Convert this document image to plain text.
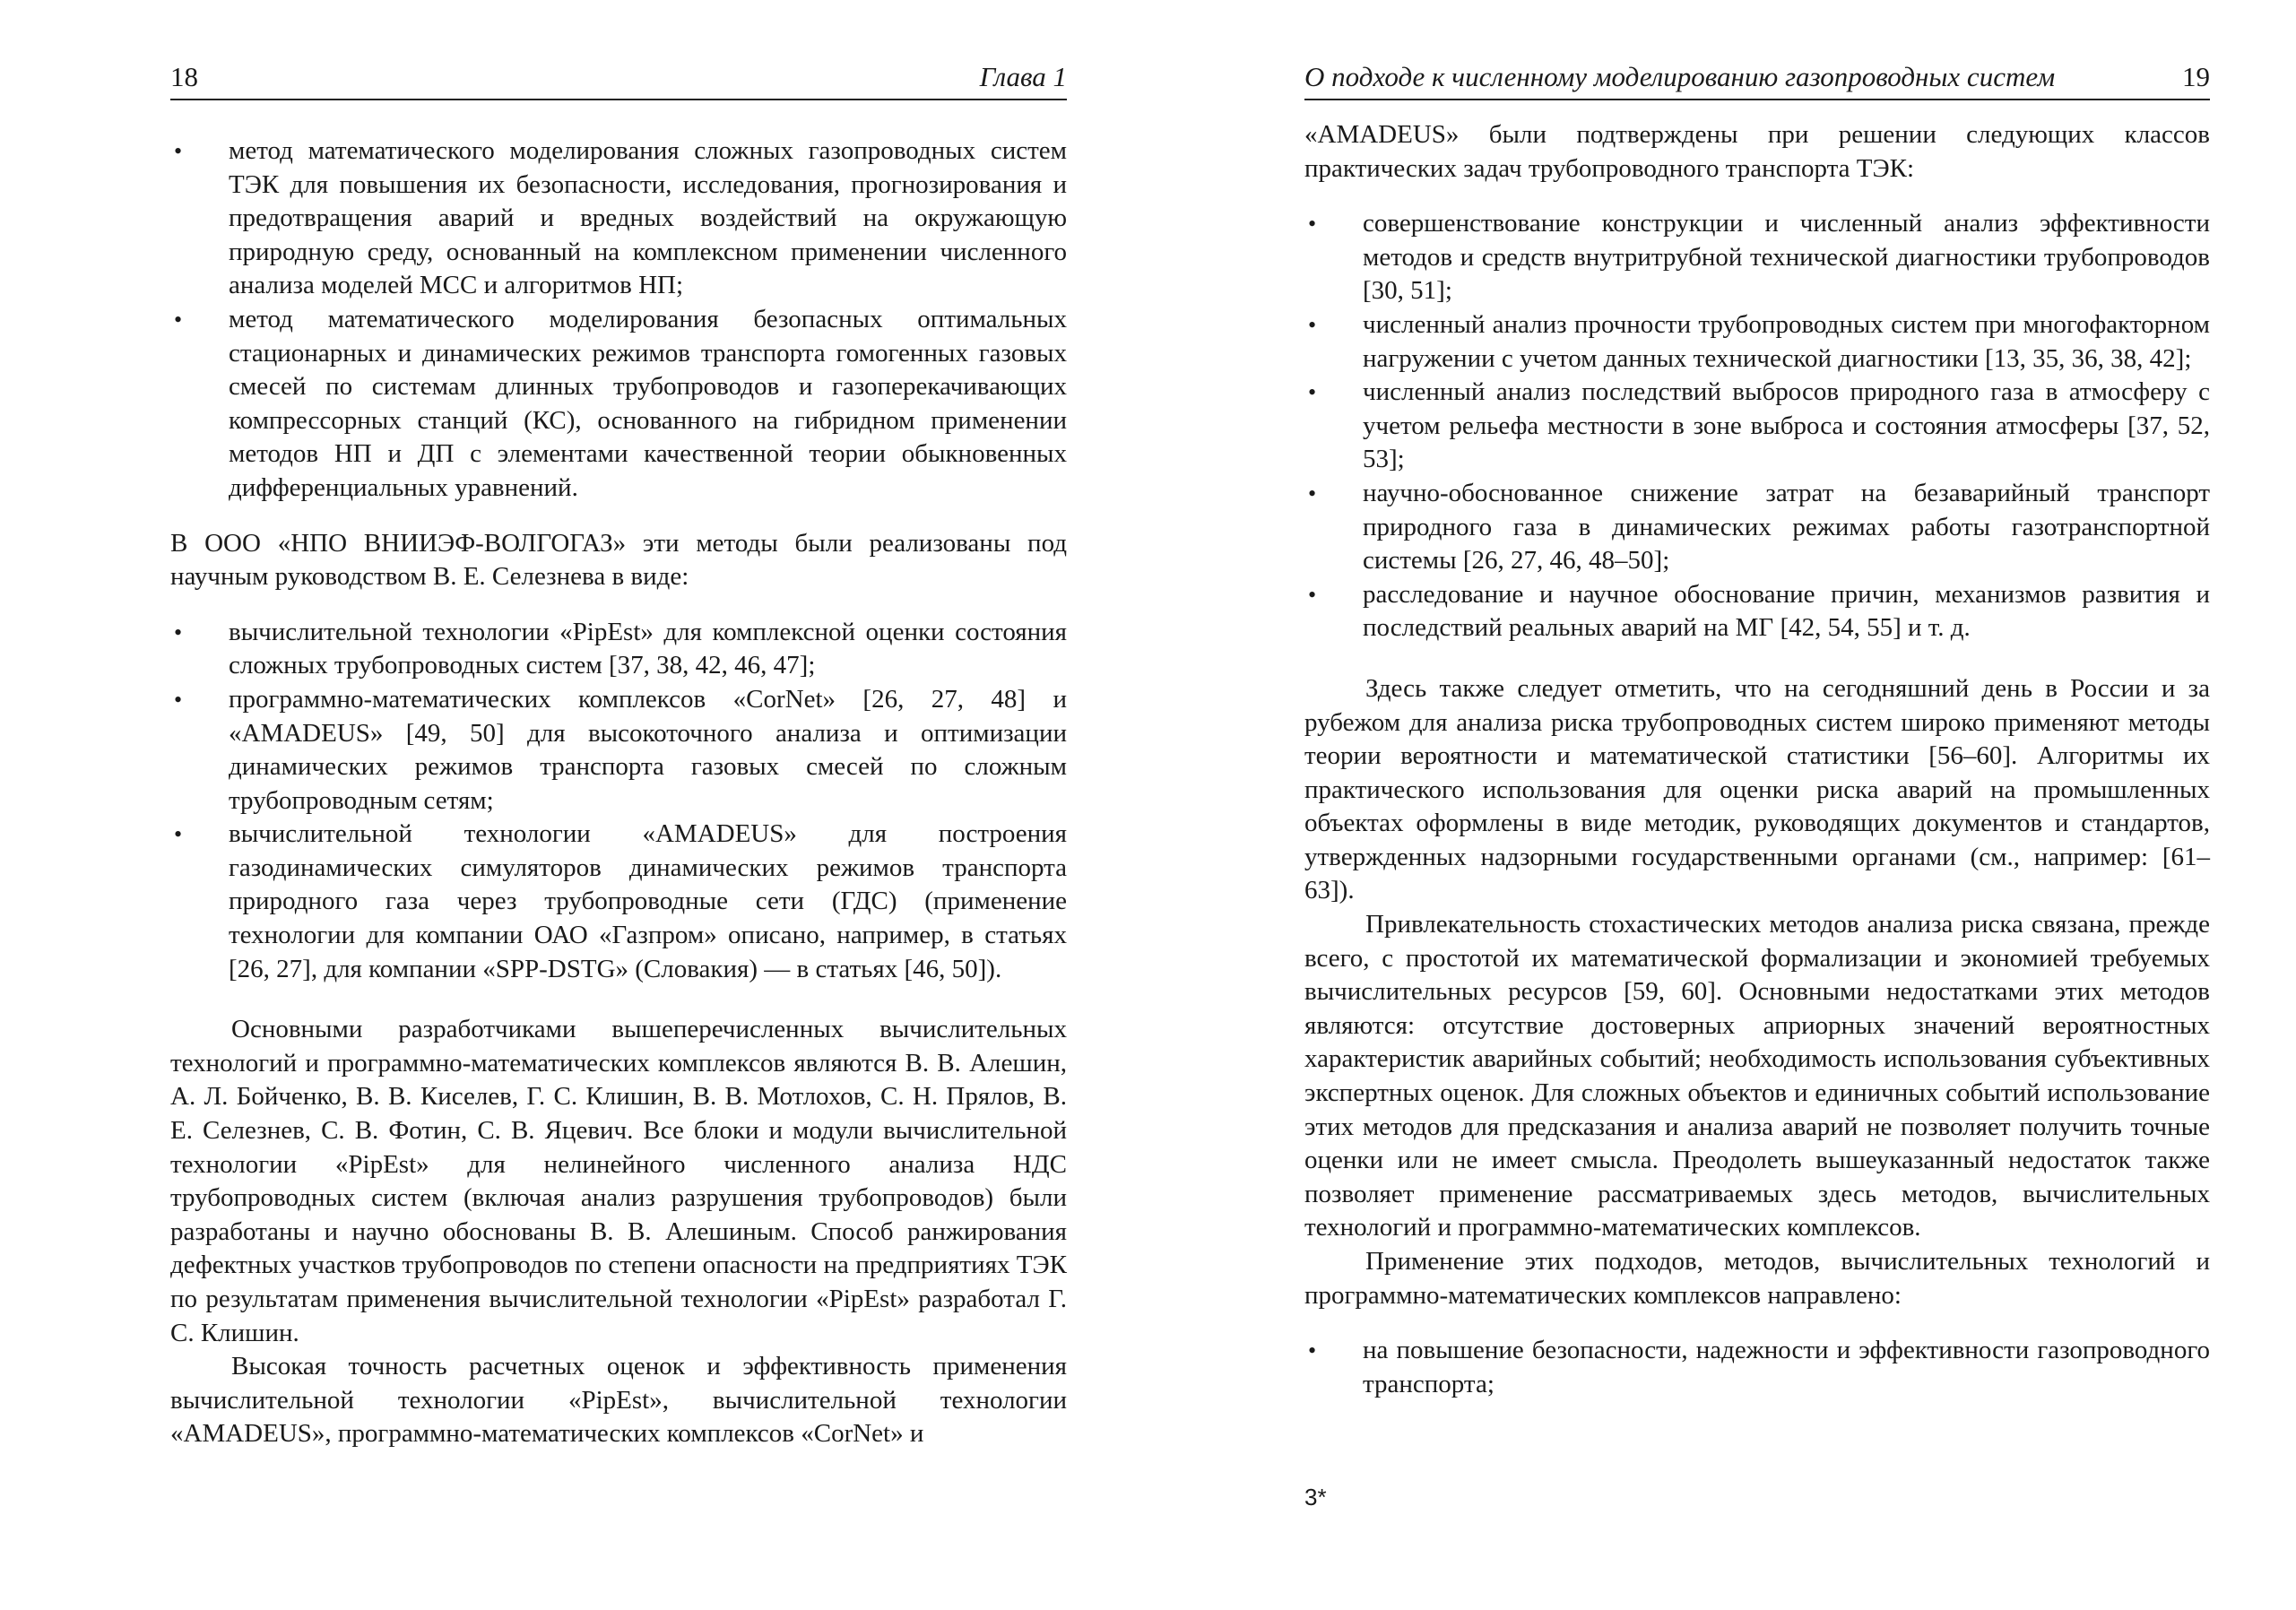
18	Глава 1
• метод математического моделирования сложных газопроводных систем ТЭК для повышения их безопасности, исследования, прогнозирования и предотвращения аварий и вредных воздействий на окружающую природную среду, основанный на комплексном применении численного анализа моделей МСС и алгоритмов НП;
• метод математического моделирования безопасных оптимальных стационарных и динамических режимов транспорта гомогенных газовых смесей по системам длинных трубопроводов и газоперекачивающих компрессорных станций (КС), основанного на гибридном применении методов НП и ДП с элементами качественной теории обыкновенных дифференциальных уравнений.

В ООО «НПО ВНИИЭФ-ВОЛГОГАЗ» эти методы были реализованы под научным руководством В. Е. Селезнева в виде:

• вычислительной технологии «PipEst» для комплексной оценки состояния сложных трубопроводных систем [37, 38, 42, 46, 47];
• программно-математических комплексов «CorNet» [26, 27, 48] и «AMADEUS» [49, 50] для высокоточного анализа и оптимизации динамических режимов транспорта газовых смесей по сложным трубопроводным сетям;
• вычислительной технологии «AMADEUS» для построения газодинамических симуляторов динамических режимов транспорта природного газа через трубопроводные сети (ГДС) (применение технологии для компании ОАО «Газпром» описано, например, в статьях [26, 27], для компании «SPP-DSTG» (Словакия) — в статьях [46, 50]).

Основными разработчиками вышеперечисленных вычислительных технологий и программно-математических комплексов являются В. В. Алешин, А. Л. Бойченко, В. В. Киселев, Г. С. Клишин, В. В. Мотлохов, С. Н. Прялов, В. Е. Селезнев, С. В. Фотин, С. В. Яцевич. Все блоки и модули вычислительной технологии «PipEst» для нелинейного численного анализа НДС трубопроводных систем (включая анализ разрушения трубопроводов) были разработаны и научно обоснованы В. В. Алешиным. Способ ранжирования дефектных участков трубопроводов по степени опасности на предприятиях ТЭК по результатам применения вычислительной технологии «PipEst» разработал Г. С. Клишин.

Высокая точность расчетных оценок и эффективность применения вычислительной технологии «PipEst», вычислительной технологии «AMADEUS», программно-математических комплексов «CorNet» и

О подходе к численному моделированию газопроводных систем	19

«AMADEUS» были подтверждены при решении следующих классов практических задач трубопроводного транспорта ТЭК:

• совершенствование конструкции и численный анализ эффективности методов и средств внутритрубной технической диагностики трубопроводов [30, 51];
• численный анализ прочности трубопроводных систем при многофакторном нагружении с учетом данных технической диагностики [13, 35, 36, 38, 42];
• численный анализ последствий выбросов природного газа в атмосферу с учетом рельефа местности в зоне выброса и состояния атмосферы [37, 52, 53];
• научно-обоснованное снижение затрат на безаварийный транспорт природного газа в динамических режимах работы газотранспортной системы [26, 27, 46, 48–50];
• расследование и научное обоснование причин, механизмов развития и последствий реальных аварий на МГ [42, 54, 55] и т. д.

Здесь также следует отметить, что на сегодняшний день в России и за рубежом для анализа риска трубопроводных систем широко применяют методы теории вероятности и математической статистики [56–60]. Алгоритмы их практического использования для оценки риска аварий на промышленных объектах оформлены в виде методик, руководящих документов и стандартов, утвержденных надзорными государственными органами (см., например: [61–63]).

Привлекательность стохастических методов анализа риска связана, прежде всего, с простотой их математической формализации и экономией требуемых вычислительных ресурсов [59, 60]. Основными недостатками этих методов являются: отсутствие достоверных априорных значений вероятностных характеристик аварийных событий; необходимость использования субъективных экспертных оценок. Для сложных объектов и единичных событий использование этих методов для предсказания и анализа аварий не позволяет получить точные оценки или не имеет смысла. Преодолеть вышеуказанный недостаток также позволяет применение рассматриваемых здесь методов, вычислительных технологий и программно-математических комплексов.

Применение этих подходов, методов, вычислительных технологий и программно-математических комплексов направлено:

• на повышение безопасности, надежности и эффективности газопроводного транспорта;
3*
